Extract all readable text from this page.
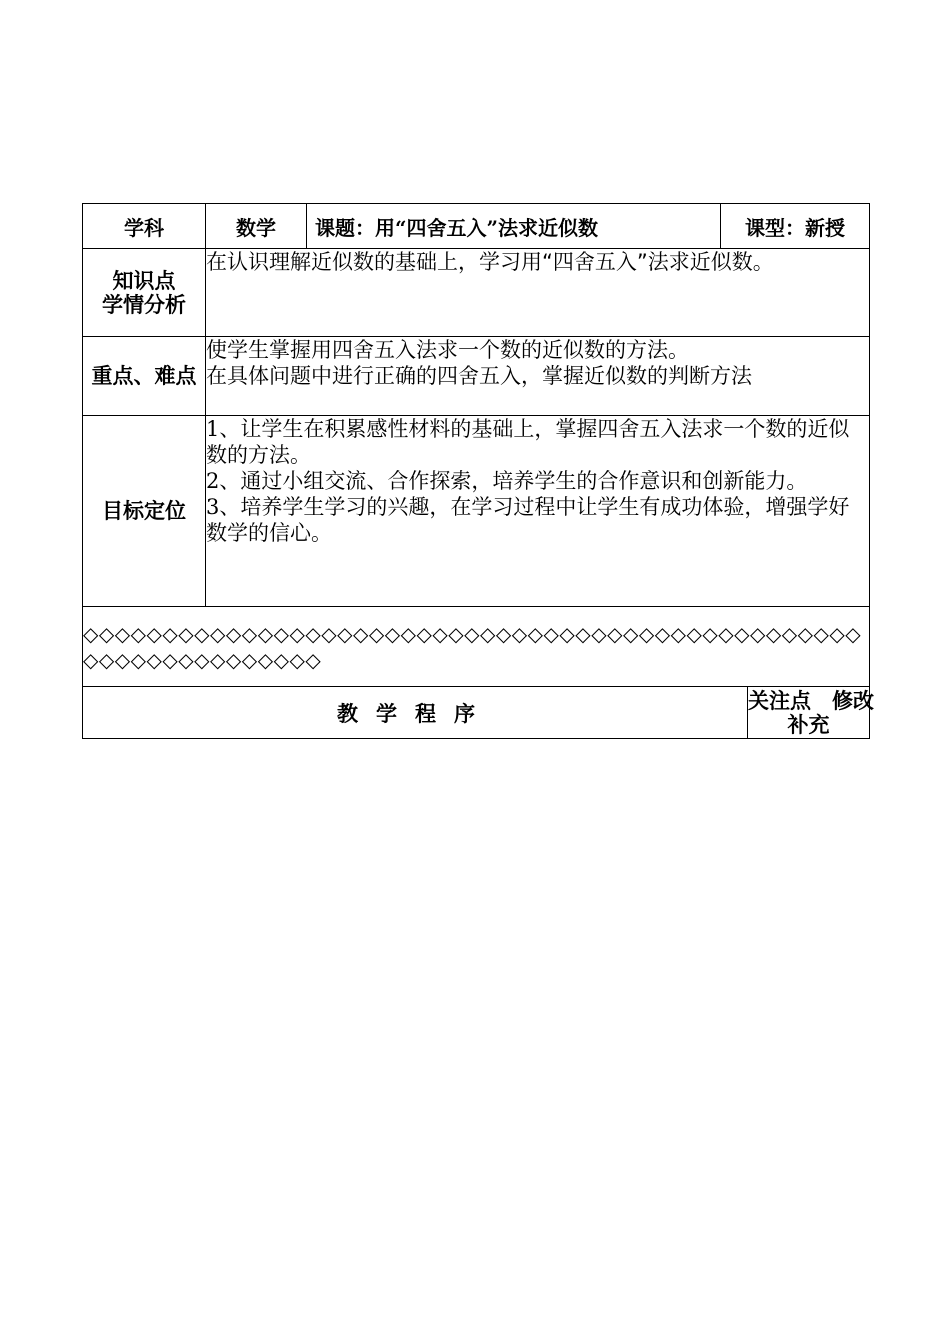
学科	数学	课题：用“四舍五入”法求近似数	课型：新授	

知识点
学情分析	在认识理解近似数的基础上，学习用“四舍五入”法求近似数。			
重点、难点	使学生掌握用四舍五入法求一个数的近似数的方法。
在具体问题中进行正确的四舍五入，掌握近似数的判断方法			

目标定位	1、让学生在积累感性材料的基础上，掌握四舍五入法求一个数的近似数的方法。
2、通过小组交流、合作探索，培养学生的合作意识和创新能力。
3、培养学生学习的兴趣，在学习过程中让学生有成功体验，增强学好数学的信心。			

◇◇◇◇◇◇◇◇◇◇◇◇◇◇◇◇◇◇◇◇◇◇◇◇◇◇◇◇◇◇◇◇◇◇◇◇◇◇◇◇◇◇◇◇◇◇◇◇◇◇◇◇◇◇◇◇◇◇◇◇◇◇◇◇				
教学程序				关注点　修改
补充
